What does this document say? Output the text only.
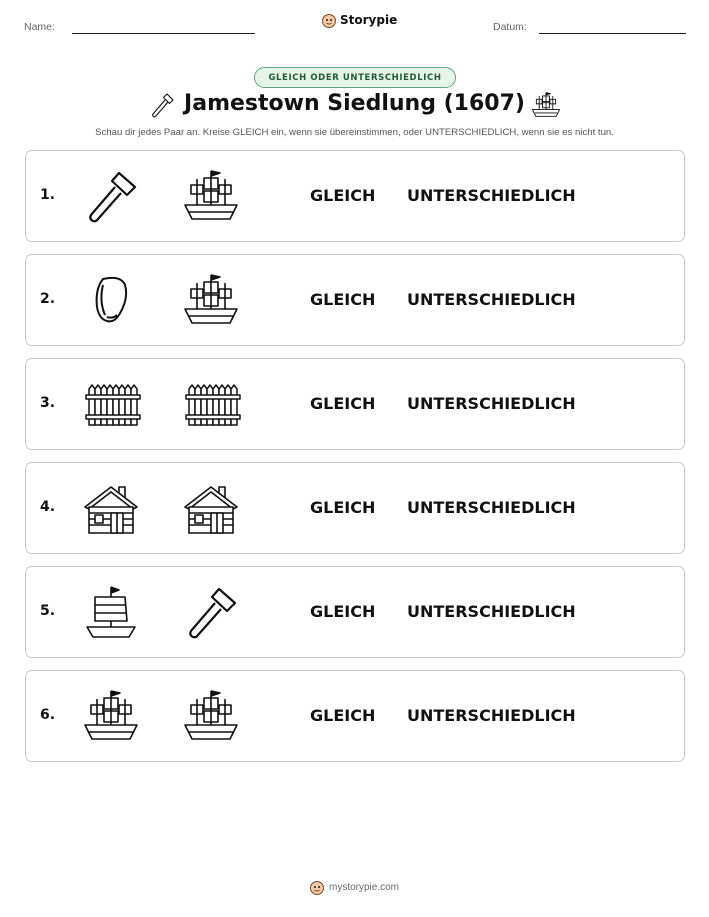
Name:	Storypie	Datum:
GLEICH ODER UNTERSCHIEDLICH
Jamestown Siedlung (1607)
Schau dir jedes Paar an. Kreise GLEICH ein, wenn sie übereinstimmen, oder UNTERSCHIEDLICH, wenn sie es nicht tun.
1.	GLEICH UNTERSCHIEDLICH
2.	GLEICH UNTERSCHIEDLICH
3.	GLEICH UNTERSCHIEDLICH
4.	GLEICH UNTERSCHIEDLICH
5.	GLEICH UNTERSCHIEDLICH
6.	GLEICH UNTERSCHIEDLICH
mystorypie.com
